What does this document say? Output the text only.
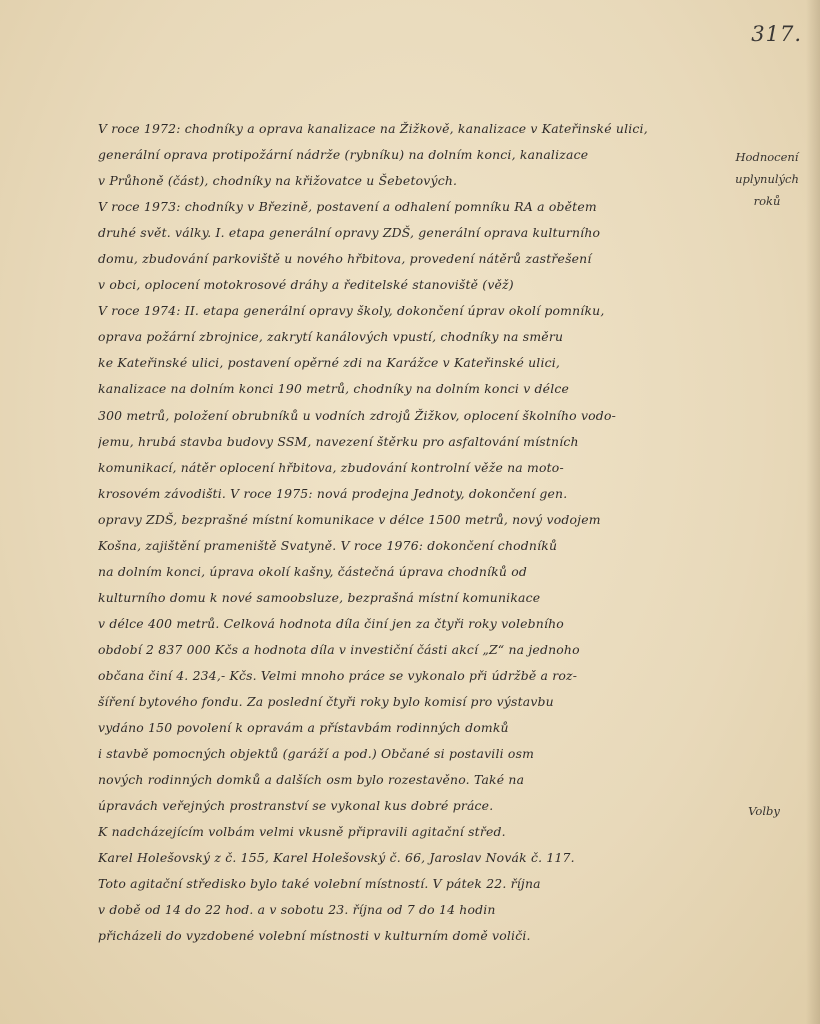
317.
Hodnocení
uplynulých
roků
Volby
V roce 1972: chodníky a oprava kanalizace na Žižkově, kanalizace v Kateřinské ulici,
generální oprava protipožární nádrže (rybníku) na dolním konci, kanalizace
v Průhoně (část), chodníky na křižovatce u Šebetových.
V roce 1973: chodníky v Březině, postavení a odhalení pomníku RA a obětem
druhé svět. války. I. etapa generální opravy ZDŠ, generální oprava kulturního
domu, zbudování parkoviště u nového hřbitova, provedení nátěrů zastřešení
v obci, oplocení motokrosové dráhy a ředitelské stanoviště (věž)
V roce 1974: II. etapa generální opravy školy, dokončení úprav okolí pomníku,
oprava požární zbrojnice, zakrytí kanálových vpustí, chodníky na směru
ke Kateřinské ulici, postavení opěrné zdi na Karážce v Kateřinské ulici,
kanalizace na dolním konci 190 metrů, chodníky na dolním konci v délce
300 metrů, položení obrubníků u vodních zdrojů Žižkov, oplocení školního vodo-
jemu, hrubá stavba budovy SSM, navezení štěrku pro asfaltování místních
komunikací, nátěr oplocení hřbitova, zbudování kontrolní věže na moto-
krosovém závodišti. V roce 1975: nová prodejna Jednoty, dokončení gen.
opravy ZDŠ, bezprašné místní komunikace v délce 1500 metrů, nový vodojem
Košna, zajištění prameniště Svatyně. V roce 1976: dokončení chodníků
na dolním konci, úprava okolí kašny, částečná úprava chodníků od
kulturního domu k nové samoobsluze, bezprašná místní komunikace
v délce 400 metrů. Celková hodnota díla činí jen za čtyři roky volebního
období 2 837 000 Kčs a hodnota díla v investiční části akcí „Z“ na jednoho
občana činí 4. 234,- Kčs. Velmi mnoho práce se vykonalo při údržbě a roz-
šíření bytového fondu. Za poslední čtyři roky bylo komisí pro výstavbu
vydáno 150 povolení k opravám a přístavbám rodinných domků
i stavbě pomocných objektů (garáží a pod.) Občané si postavili osm
nových rodinných domků a dalších osm bylo rozestavěno. Také na
úpravách veřejných prostranství se vykonal kus dobré práce.
K nadcházejícím volbám velmi vkusně připravili agitační střed.
Karel Holešovský z č. 155, Karel Holešovský č. 66, Jaroslav Novák č. 117.
Toto agitační středisko bylo také volební místností. V pátek 22. října
v době od 14 do 22 hod. a v sobotu 23. října od 7 do 14 hodin
přicházeli do vyzdobené volební místnosti v kulturním domě voliči.
